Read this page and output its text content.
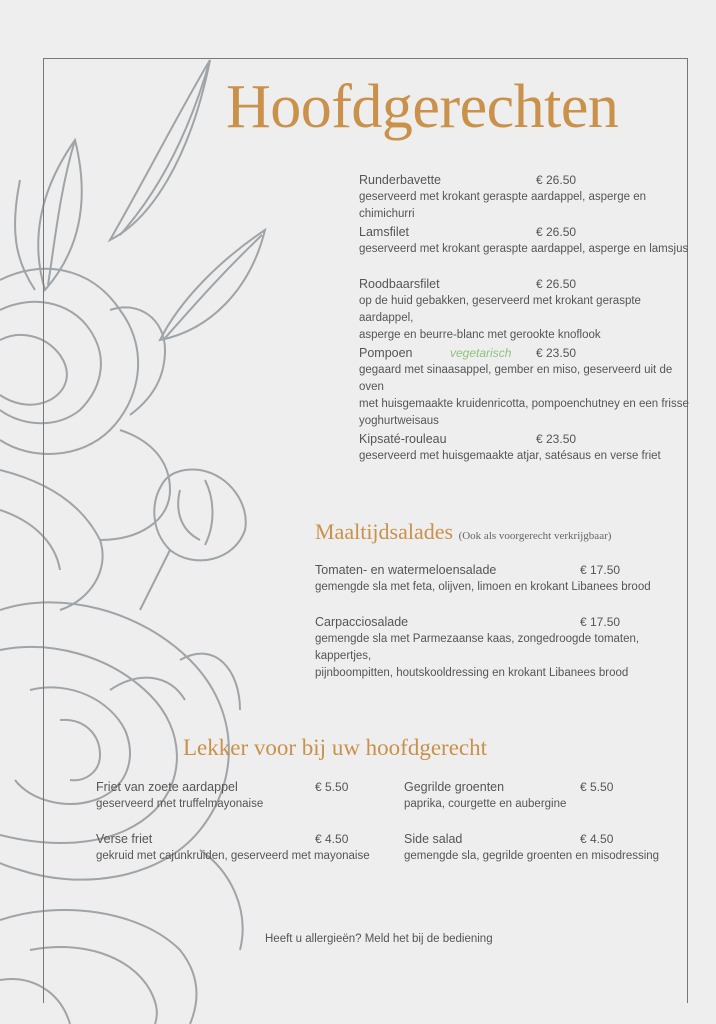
Hoofdgerechten
Runderbavette
geserveerd met krokant geraspte aardappel, asperge en chimichurri
€ 26.50
Lamsfilet
geserveerd met krokant geraspte aardappel, asperge en lamsjus
€ 26.50
Roodbaarsfilet
op de huid gebakken, geserveerd met krokant geraspte aardappel,
asperge en beurre-blanc met gerookte knoflook
€ 26.50
Pompoen
gegaard met sinaasappel, gember en miso, geserveerd uit de oven
met huisgemaakte kruidenricotta, pompoenchutney en een frisse
yoghurtweisaus
vegetarisch € 23.50
Kipsaté-rouleau
geserveerd met huisgemaakte atjar, satésaus en verse friet
€ 23.50
Maaltijdsalades (Ook als voorgerecht verkrijgbaar)
Tomaten- en watermeloensalade
gemengde sla met feta, olijven, limoen en krokant Libanees brood
€ 17.50
Carpacciosalade
gemengde sla met Parmezaanse kaas, zongedroogde tomaten, kappertjes,
pijnboompitten, houtskooldressing en krokant Libanees brood
€ 17.50
Lekker voor bij uw hoofdgerecht
Friet van zoete aardappel
geserveerd met truffelmayonaise
€ 5.50	Gegrilde groenten
paprika, courgette en aubergine
€ 5.50
Verse friet
gekruid met cajunkruiden, geserveerd met mayonaise
€ 4.50	Side salad
gemengde sla, gegrilde groenten en misodressing
€ 4.50
Heeft u allergieën? Meld het bij de bediening
